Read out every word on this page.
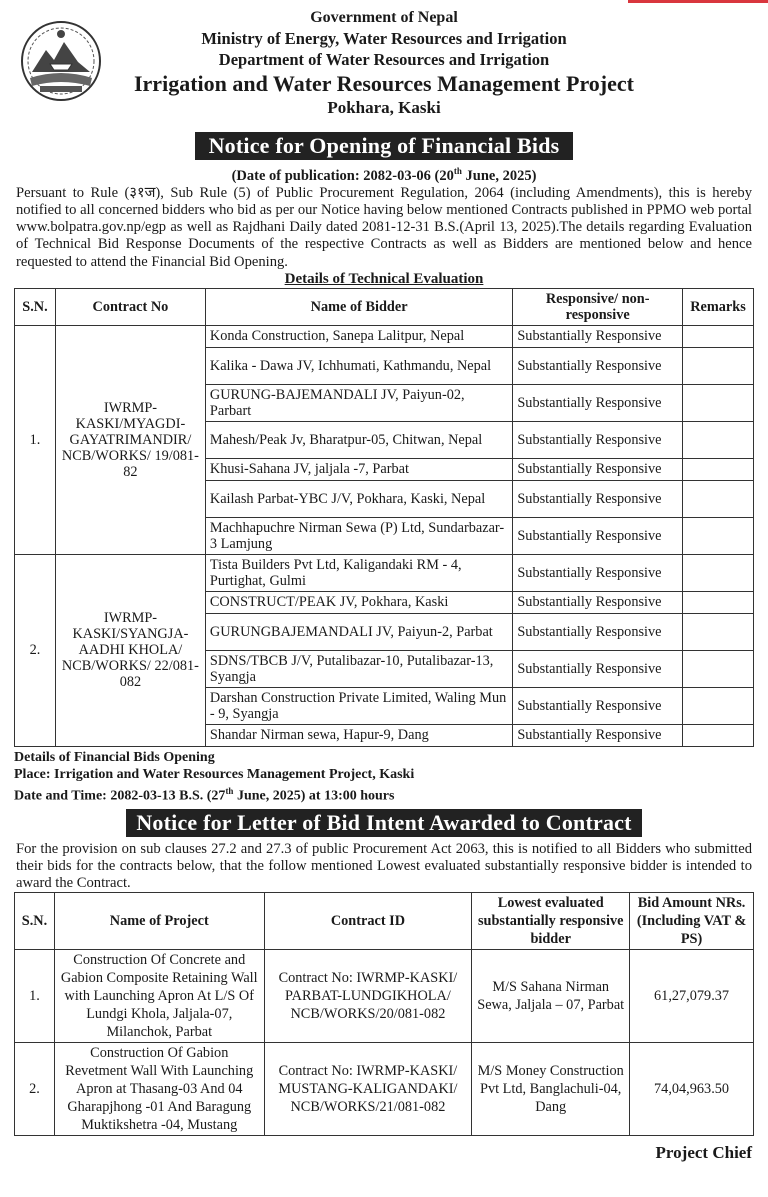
Government of Nepal
Ministry of Energy, Water Resources and Irrigation
Department of Water Resources and Irrigation
Irrigation and Water Resources Management Project
Pokhara, Kaski
Notice for Opening of Financial Bids
(Date of publication: 2082-03-06 (20th June, 2025)
Persuant to Rule (३१ज), Sub Rule (5) of Public Procurement Regulation, 2064 (including Amendments), this is hereby notified to all concerned bidders who bid as per our Notice having below mentioned Contracts published in PPMO web portal www.bolpatra.gov.np/egp as well as Rajdhani Daily dated 2081-12-31 B.S.(April 13, 2025).The details regarding Evaluation of Technical Bid Response Documents of the respective Contracts as well as Bidders are mentioned below and hence requested to attend the Financial Bid Opening.
Details of Technical Evaluation
S.N.	Contract No	Name of Bidder	Responsive/ non-responsive	Remarks
1.	IWRMP-KASKI/MYAGDI-GAYATRIMANDIR/ NCB/WORKS/ 19/081-82	Konda Construction, Sanepa Lalitpur, Nepal	Substantially Responsive	
		Kalika - Dawa JV, Ichhumati, Kathmandu, Nepal	Substantially Responsive	
		GURUNG-BAJEMANDALI JV, Paiyun-02, Parbart	Substantially Responsive	
		Mahesh/Peak Jv, Bharatpur-05, Chitwan, Nepal	Substantially Responsive	
		Khusi-Sahana JV, jaljala -7, Parbat	Substantially Responsive	
		Kailash Parbat-YBC J/V, Pokhara, Kaski, Nepal	Substantially Responsive	
		Machhapuchre Nirman Sewa (P) Ltd, Sundarbazar-3 Lamjung	Substantially Responsive	
2.	IWRMP-KASKI/SYANGJA-AADHI KHOLA/ NCB/WORKS/ 22/081-082	Tista Builders Pvt Ltd, Kaligandaki RM - 4, Purtighat, Gulmi	Substantially Responsive	
		CONSTRUCT/PEAK JV, Pokhara, Kaski	Substantially Responsive	
		GURUNGBAJEMANDALI JV, Paiyun-2, Parbat	Substantially Responsive	
		SDNS/TBCB J/V, Putalibazar-10, Putalibazar-13, Syangja	Substantially Responsive	
		Darshan Construction Private Limited, Waling Mun - 9, Syangja	Substantially Responsive	
		Shandar Nirman sewa, Hapur-9, Dang	Substantially Responsive	
Details of Financial Bids Opening
Place: Irrigation and Water Resources Management Project, Kaski
Date and Time: 2082-03-13 B.S. (27th June, 2025) at 13:00 hours
Notice for Letter of Bid Intent Awarded to Contract
For the provision on sub clauses 27.2 and 27.3 of public Procurement Act 2063, this is notified to all Bidders who submitted their bids for the contracts below, that the follow mentioned Lowest evaluated substantially responsive bidder is intended to award the Contract.
S.N.	Name of Project	Contract ID	Lowest evaluated substantially responsive bidder	Bid Amount NRs. (Including VAT & PS)
1.	Construction Of Concrete and Gabion Composite Retaining Wall with Launching Apron At L/S Of Lundgi Khola, Jaljala-07, Milanchok, Parbat	Contract No: IWRMP-KASKI/ PARBAT-LUNDGIKHOLA/ NCB/WORKS/20/081-082	M/S Sahana Nirman Sewa, Jaljala – 07, Parbat	61,27,079.37
2.	Construction Of Gabion Revetment Wall With Launching Apron at Thasang-03 And 04 Gharapjhong -01 And Baragung Muktikshetra -04, Mustang	Contract No: IWRMP-KASKI/ MUSTANG-KALIGANDAKI/ NCB/WORKS/21/081-082	M/S Money Construction Pvt Ltd, Banglachuli-04, Dang	74,04,963.50
Project Chief
